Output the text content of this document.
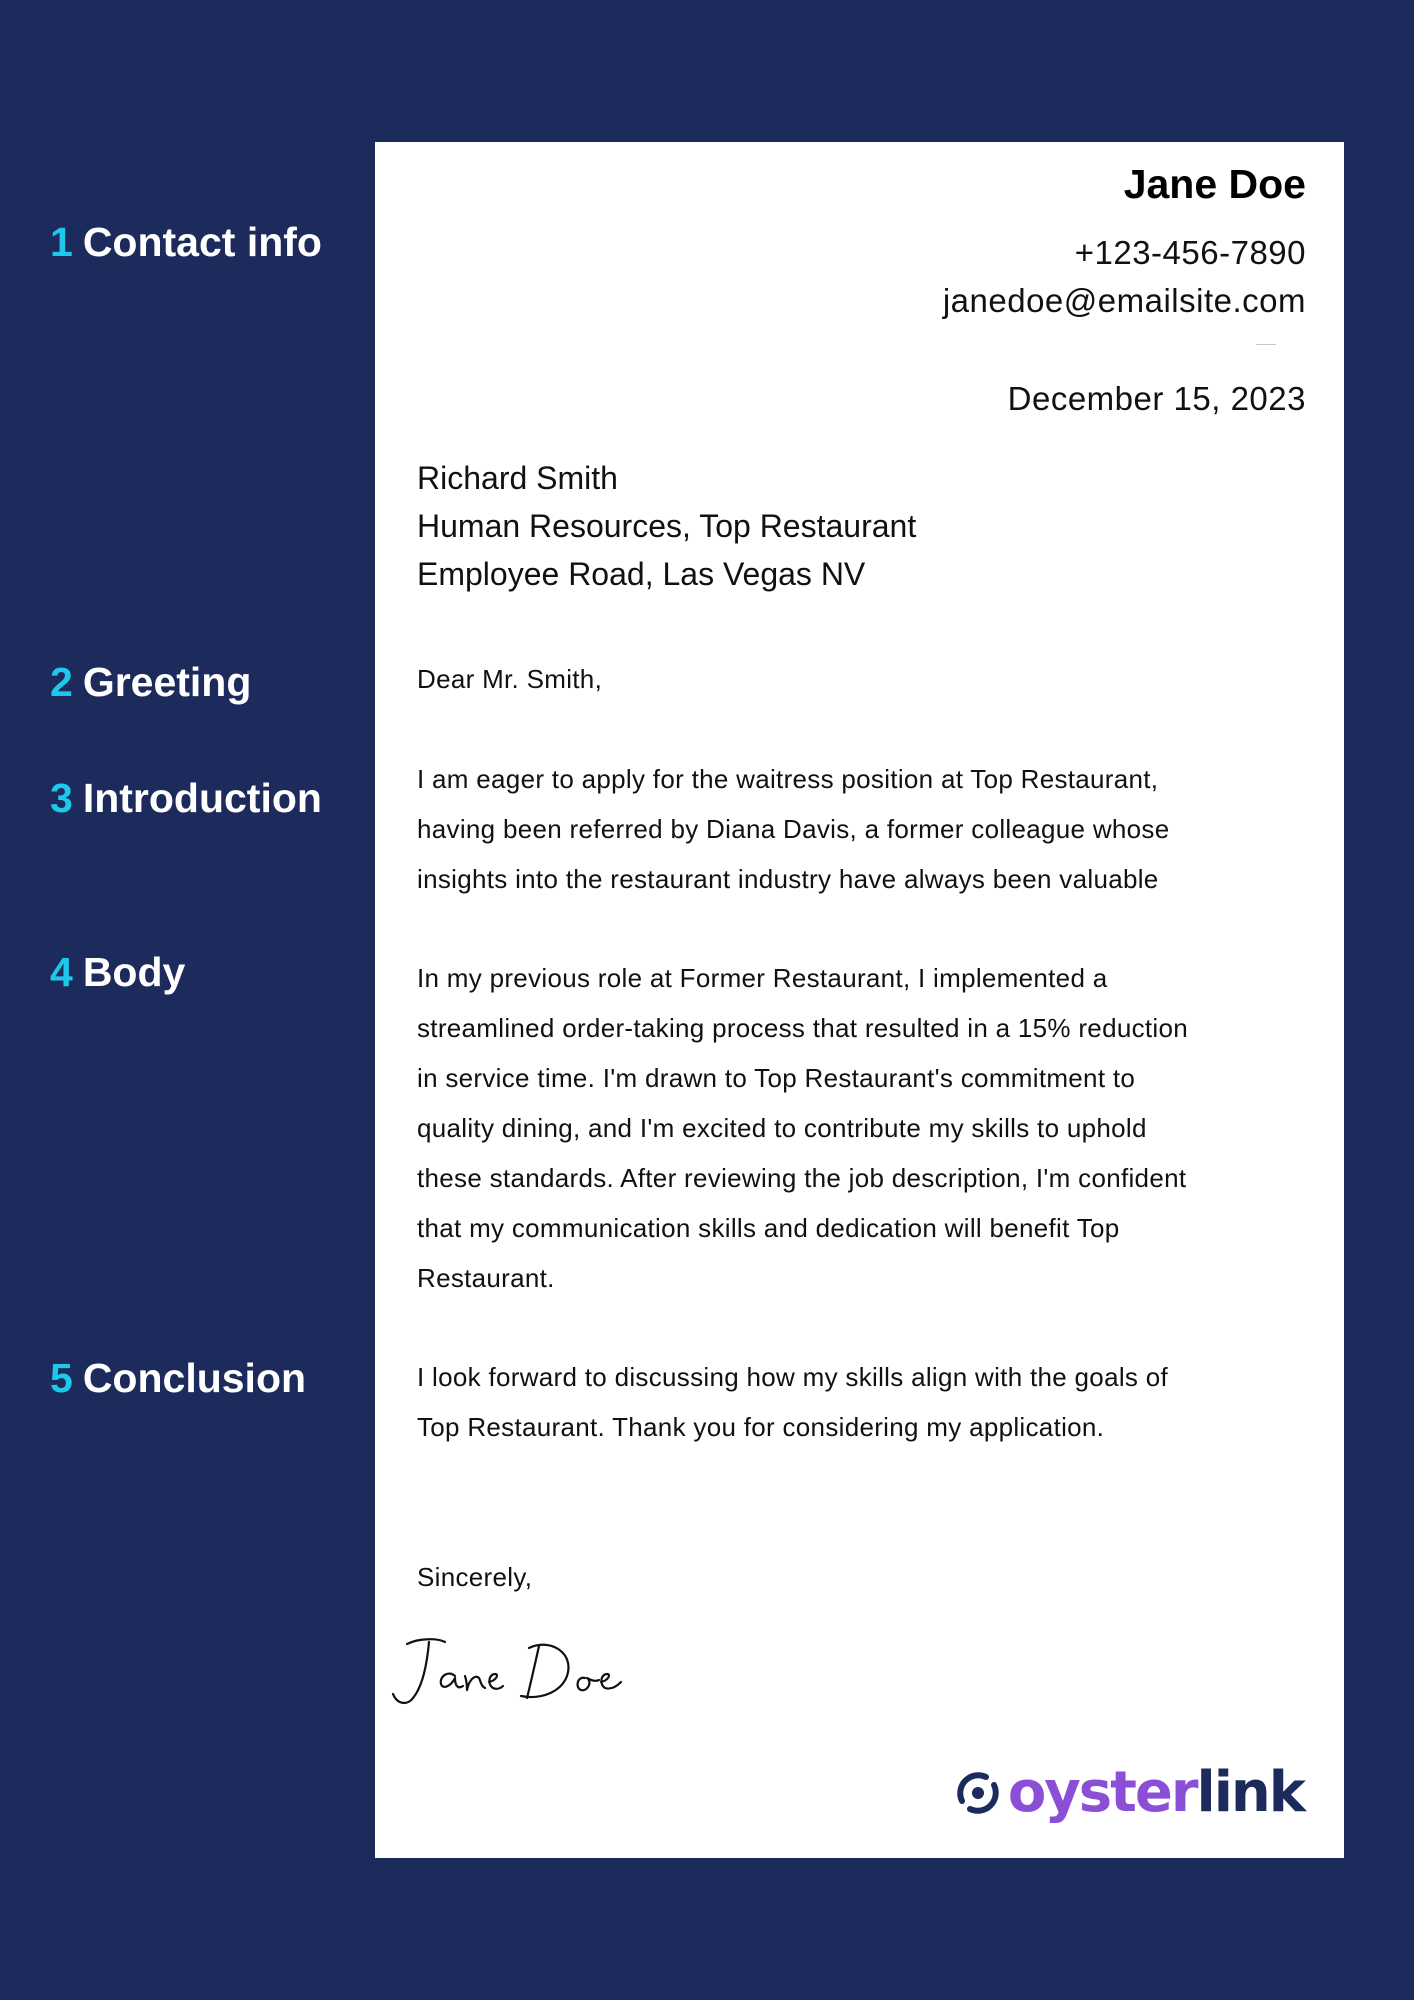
1 Contact info
2 Greeting
3 Introduction
4 Body
5 Conclusion
Jane Doe
+123-456-7890
janedoe@emailsite.com
December 15, 2023
Richard Smith
Human Resources, Top Restaurant
Employee Road, Las Vegas NV
Dear Mr. Smith,
I am eager to apply for the waitress position at Top Restaurant,
having been referred by Diana Davis, a former colleague whose
insights into the restaurant industry have always been valuable
In my previous role at Former Restaurant, I implemented a
streamlined order-taking process that resulted in a 15% reduction
in service time. I'm drawn to Top Restaurant's commitment to
quality dining, and I'm excited to contribute my skills to uphold
these standards. After reviewing the job description, I'm confident
that my communication skills and dedication will benefit Top
Restaurant.
I look forward to discussing how my skills align with the goals of
Top Restaurant. Thank you for considering my application.
Sincerely,
oysterlink
